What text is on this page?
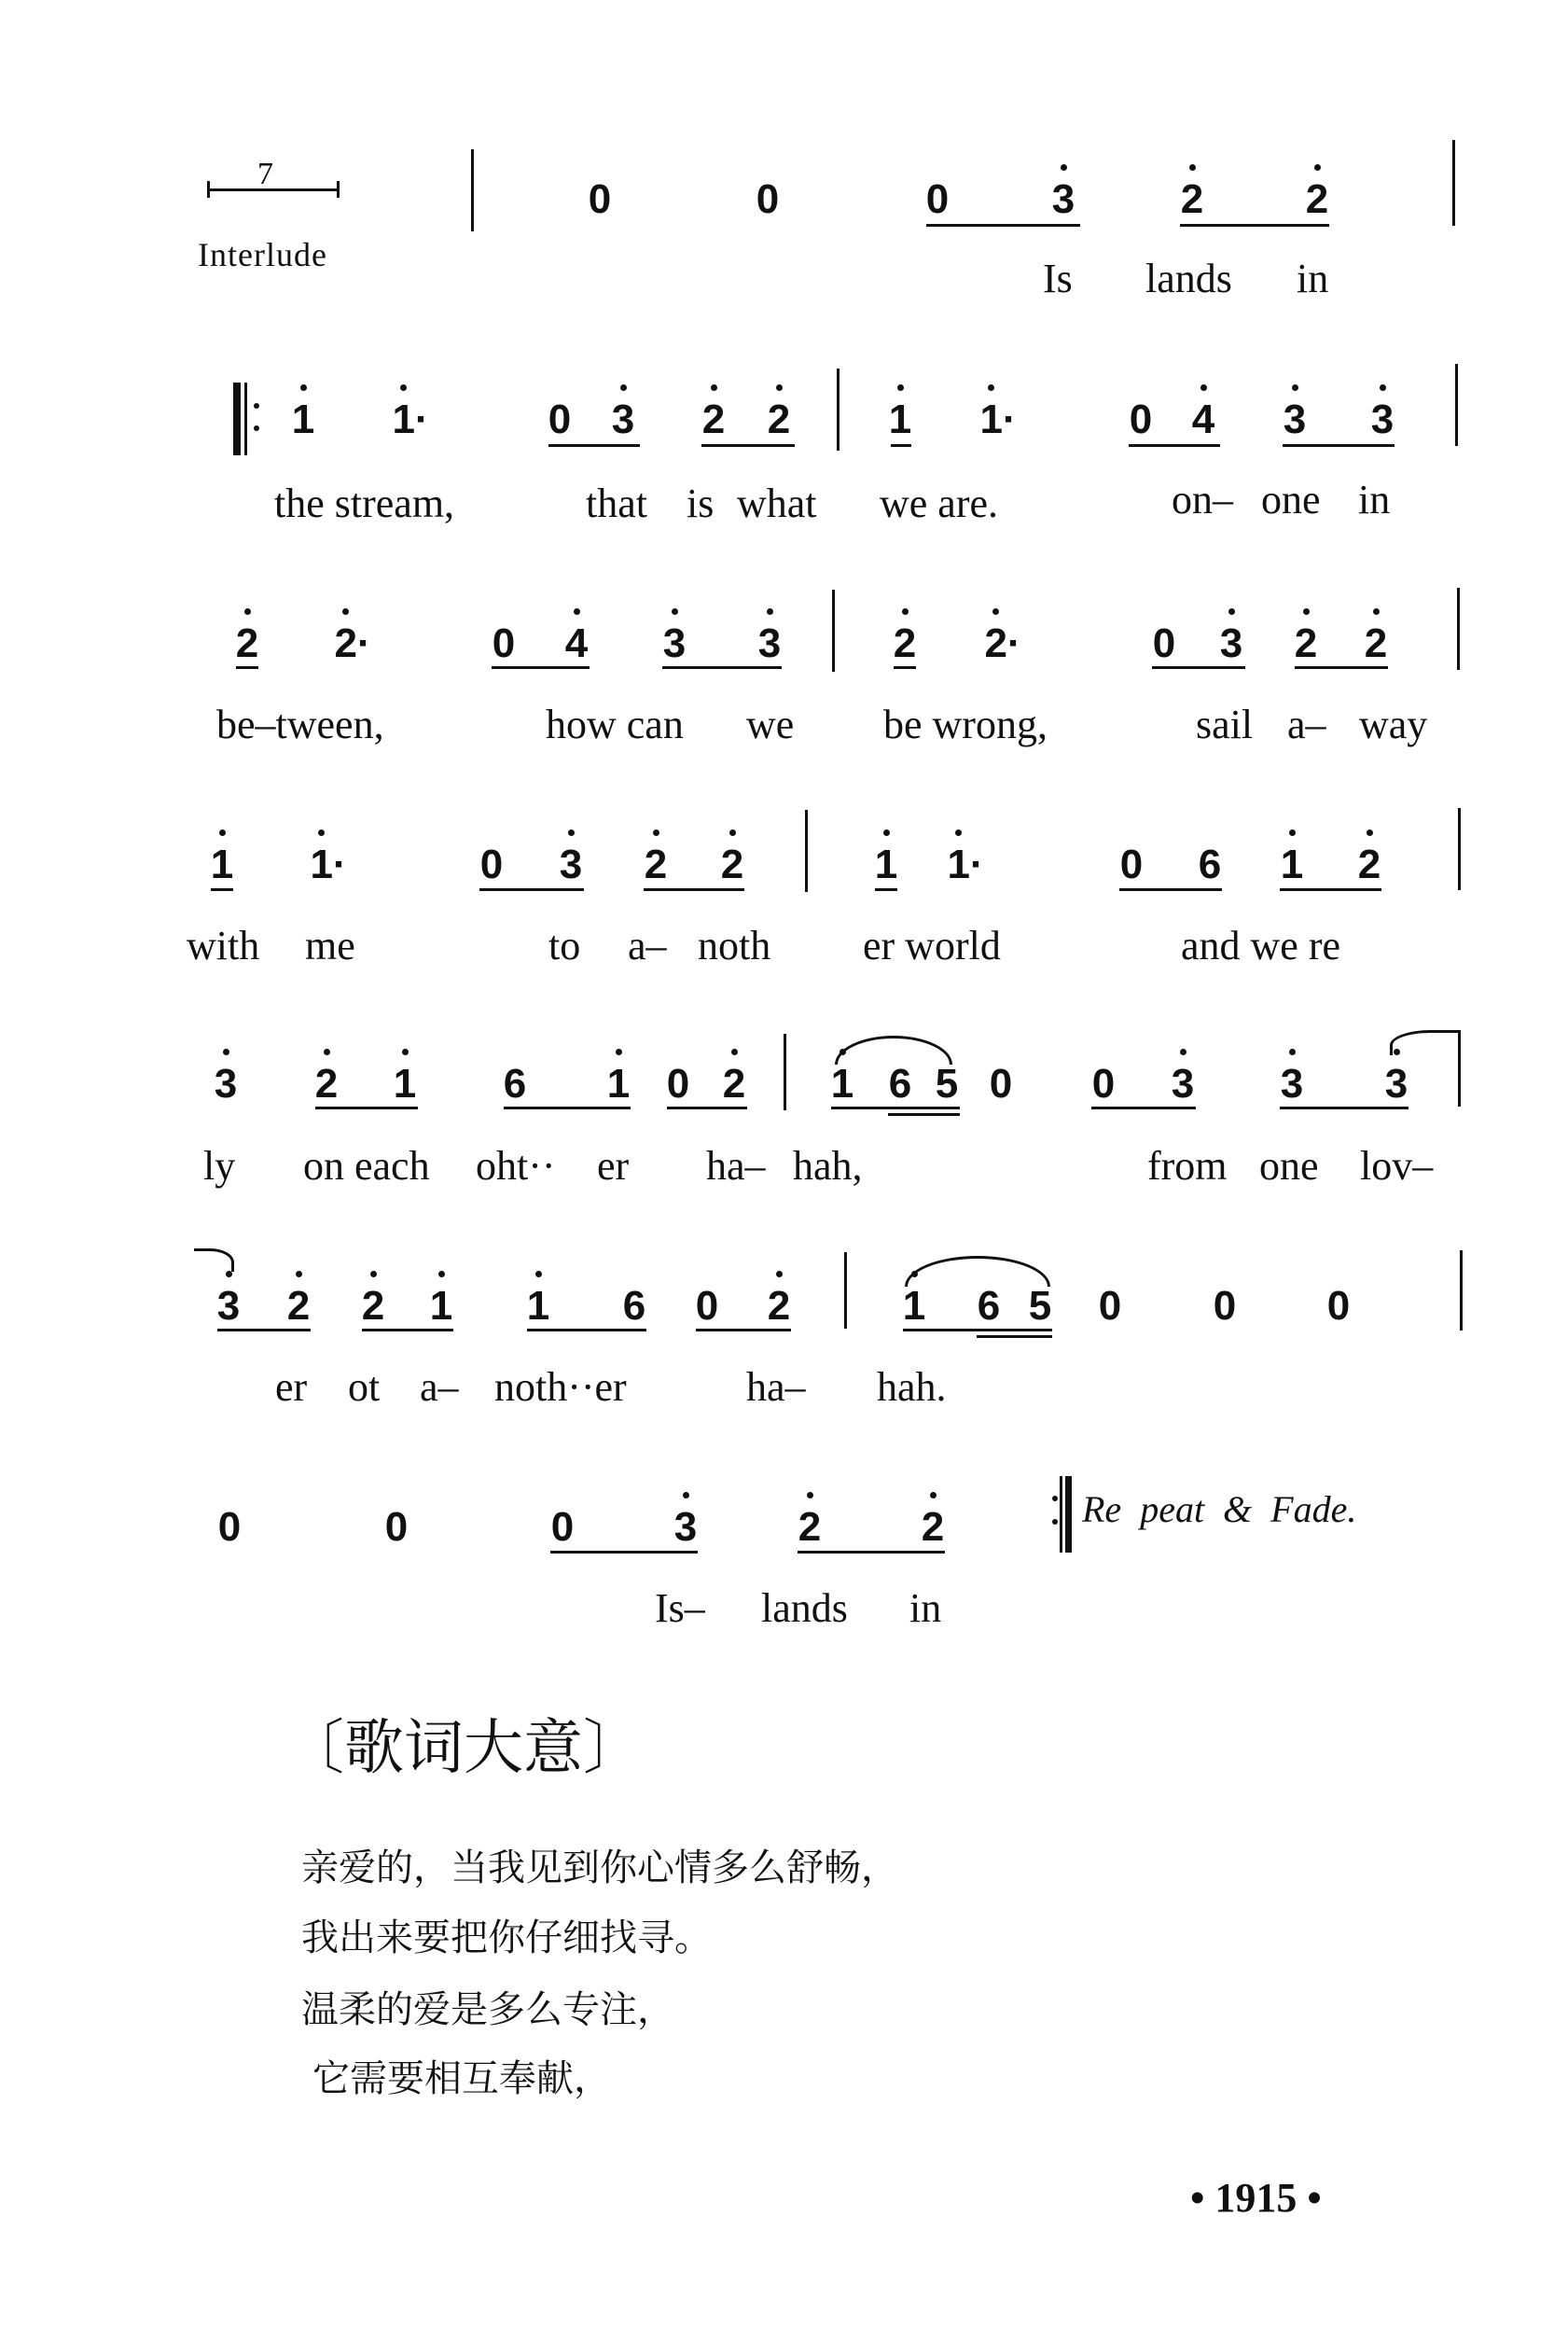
7
Interlude
0	0	0	3	2 2
Is lands in
1 1·	0 3 2 2 1 1·	0 4 3 3
the stream,	that is what we are.	on– one in
2 2·	0 4 3 3	2 2·	0 3 2 2
be–tween,	how can we be wrong,	sail a– way
1 1·	0 3 2 2	1 1·	0 6 1 2
with me	to a– noth er world	and we re
3 2 1 6 1 0 2 1 6 5 0 0 3 3 3
ly on each oht·· er ha– hah,	from one lov–
3 2 2 1 1 6 0 2	1 6 5 0 0 0
er ot a– noth··er	ha– hah.
0	0	0 3 2 2	Re  peat  &  Fade.
Is– lands in
〔歌词大意〕
亲爱的，当我见到你心情多么舒畅，
我出来要把你仔细找寻。
温柔的爱是多么专注，
它需要相互奉献，
• 1915 •
